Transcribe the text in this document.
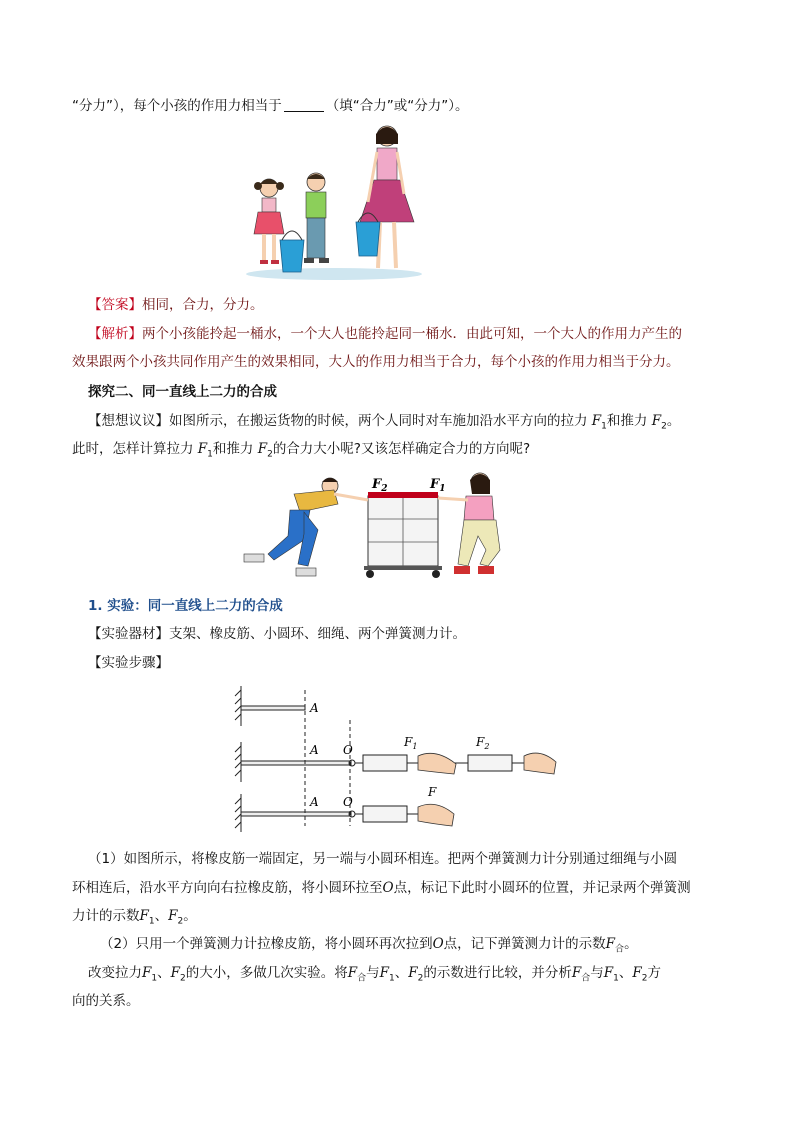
“分力”），每个小孩的作用力相当于	（填“合力”或“分力”）。
【答案】相同，合力，分力。
【解析】两个小孩能拎起一桶水，一个大人也能拎起同一桶水．由此可知，一个大人的作用力产生的
效果跟两个小孩共同作用产生的效果相同，大人的作用力相当于合力，每个小孩的作用力相当于分力。
探究二、同一直线上二力的合成
【想想议议】如图所示，在搬运货物的时候，两个人同时对车施加沿水平方向的拉力 $F_1$和推力 $F_2$。
此时，怎样计算拉力 $F_1$和推力 $F_2$的合力大小呢?又该怎样确定合力的方向呢?
$F_2$	$F_1$
1. 实验：同一直线上二力的合成
【实验器材】支架、橡皮筋、小圆环、细绳、两个弹簧测力计。
【实验步骤】
A
A O
A O
$F_1$	$F_2$
F
（1）如图所示，将橡皮筋一端固定，另一端与小圆环相连。把两个弹簧测力计分别通过细绳与小圆
环相连后，沿水平方向向右拉橡皮筋，将小圆环拉至O点，标记下此时小圆环的位置，并记录两个弹簧测
力计的示数$F_1$、$F_2$。
（2）只用一个弹簧测力计拉橡皮筋，将小圆环再次拉到O点，记下弹簧测力计的示数$F_合$。
改变拉力$F_1$、$F_2$的大小，多做几次实验。将$F_合$与$F_1$、$F_2$的示数进行比较，并分析$F_合$与$F_1$、$F_2$方
向的关系。
